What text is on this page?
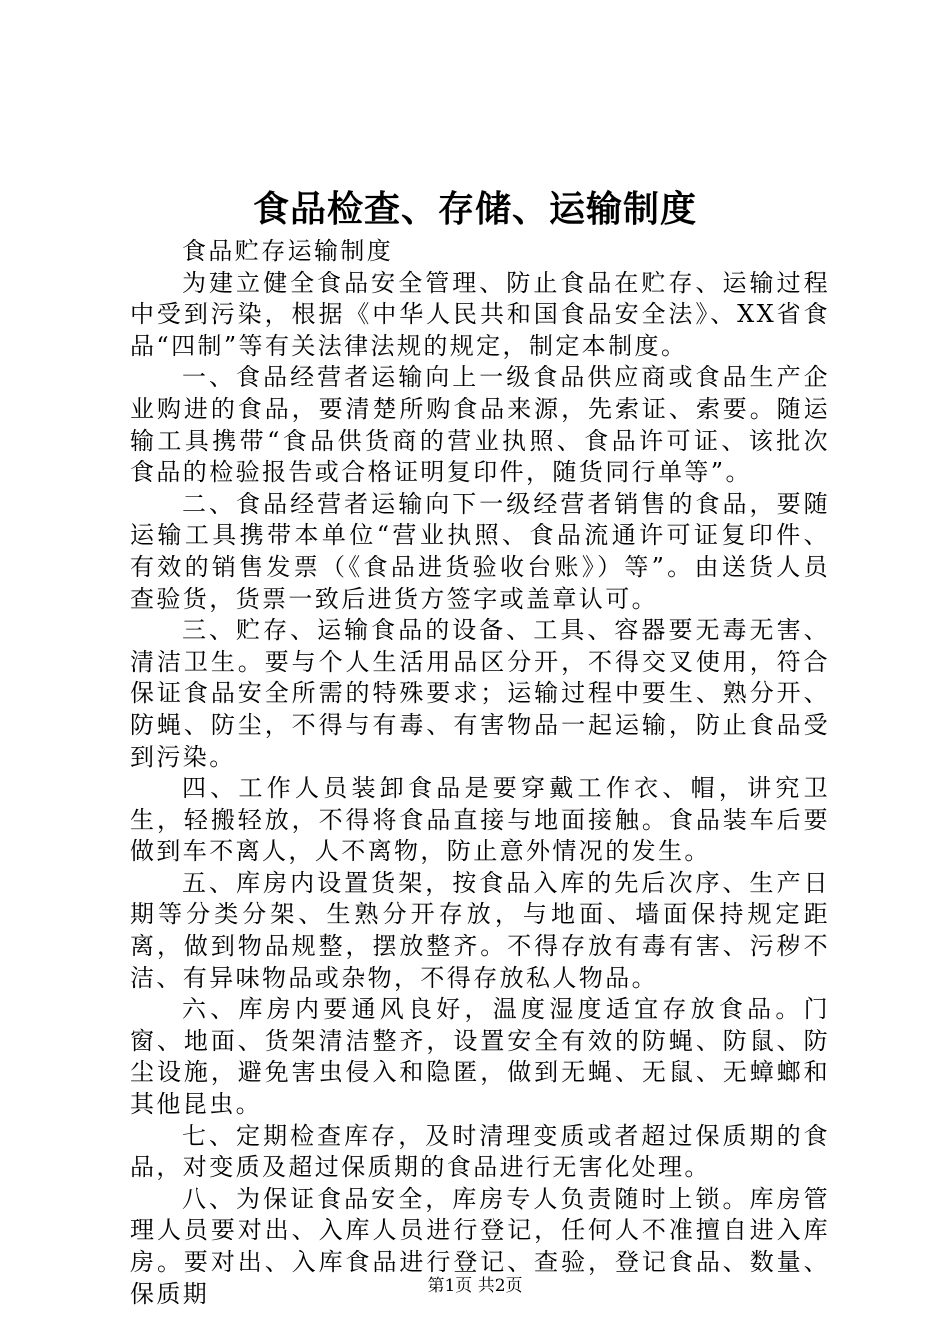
食品检查、存储、运输制度

食品贮存运输制度

为建立健全食品安全管理、防止食品在贮存、运输过程中受到污染，根据《中华人民共和国食品安全法》、XX省食品“四制”等有关法律法规的规定，制定本制度。

一、食品经营者运输向上一级食品供应商或食品生产企业购进的食品，要清楚所购食品来源，先索证、索要。随运输工具携带“食品供货商的营业执照、食品许可证、该批次食品的检验报告或合格证明复印件，随货同行单等”。

二、食品经营者运输向下一级经营者销售的食品，要随运输工具携带本单位“营业执照、食品流通许可证复印件、有效的销售发票（《食品进货验收台账》）等”。由送货人员查验货，货票一致后进货方签字或盖章认可。

三、贮存、运输食品的设备、工具、容器要无毒无害、清洁卫生。要与个人生活用品区分开，不得交叉使用，符合保证食品安全所需的特殊要求；运输过程中要生、熟分开、防蝇、防尘，不得与有毒、有害物品一起运输，防止食品受到污染。

四、工作人员装卸食品是要穿戴工作衣、帽，讲究卫生，轻搬轻放，不得将食品直接与地面接触。食品装车后要做到车不离人，人不离物，防止意外情况的发生。

五、库房内设置货架，按食品入库的先后次序、生产日期等分类分架、生熟分开存放，与地面、墙面保持规定距离，做到物品规整，摆放整齐。不得存放有毒有害、污秽不洁、有异味物品或杂物，不得存放私人物品。

六、库房内要通风良好，温度湿度适宜存放食品。门窗、地面、货架清洁整齐，设置安全有效的防蝇、防鼠、防尘设施，避免害虫侵入和隐匿，做到无蝇、无鼠、无蟑螂和其他昆虫。

七、定期检查库存，及时清理变质或者超过保质期的食品，对变质及超过保质期的食品进行无害化处理。

八、为保证食品安全，库房专人负责随时上锁。库房管理人员要对出、入库人员进行登记，任何人不准擅自进入库房。要对出、入库食品进行登记、查验，登记食品、数量、保质期	第1页 共2页
